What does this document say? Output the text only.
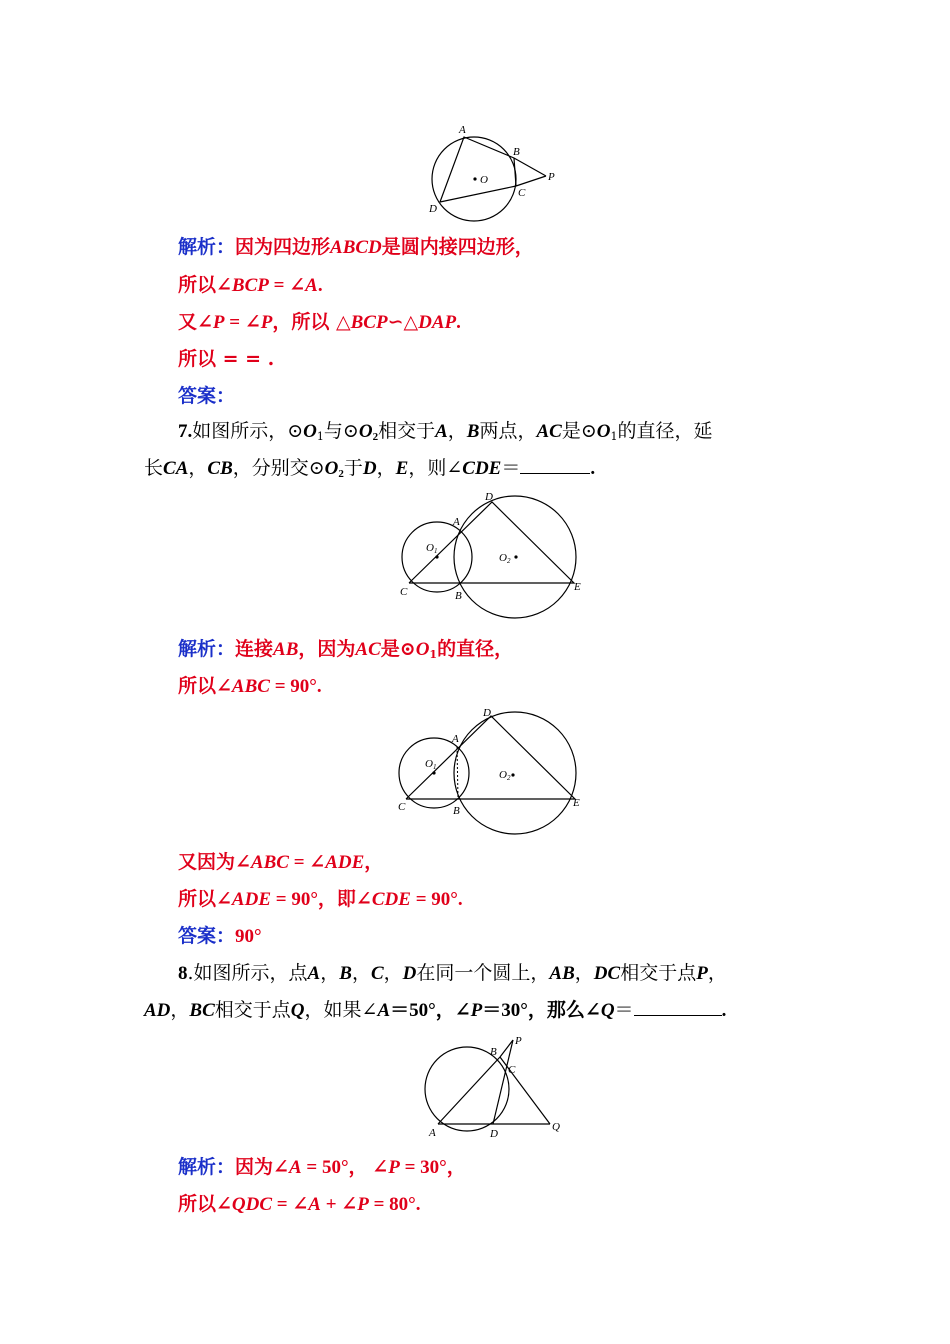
A
B
C
D
P
O
解析：因为四边形ABCD是圆内接四边形，
所以∠BCP = ∠A.
又∠P = ∠P，所以 △BCP∽△DAP.
所以 = = .
答案：
7.如图所示，$⊙O_1$与$⊙O_2$相交于A，B两点，AC是$⊙O_1$的直径，延
长CA，CB，分别交$⊙O_2$于D，E，则∠CDE＝	.
D
A
C	B
E
O1
O2
解析：连接AB，因为AC是$⊙O_1$的直径，
所以∠ABC = 90°.
D
A
C	B
E
O1
O2
又因为∠ABC = ∠ADE，
所以∠ADE = 90°，即∠CDE = 90°.
答案：90°
8.如图所示，点A，B，C，D在同一个圆上，AB，DC相交于点P，
AD，BC相交于点Q，如果∠A＝50°，∠P＝30°，那么∠Q＝	.
A
B
C
D
P
Q
解析：因为∠A = 50°， ∠P = 30°，
所以∠QDC = ∠A + ∠P = 80°.
